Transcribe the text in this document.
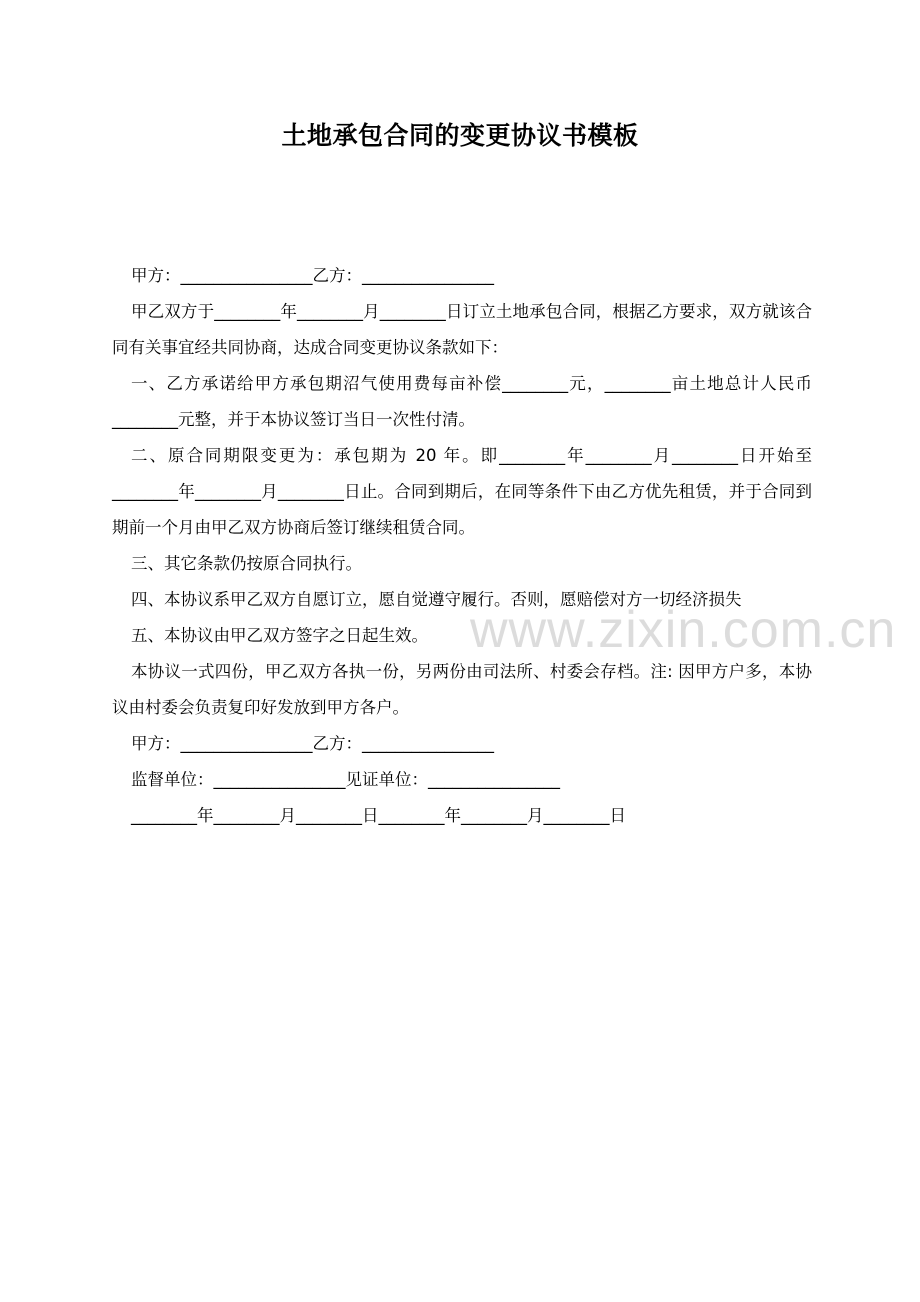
土地承包合同的变更协议书模板

甲方：________________乙方：________________

甲乙双方于________年________月________日订立土地承包合同，根据乙方要求，双方就该合同有关事宜经共同协商，达成合同变更协议条款如下：

一、乙方承诺给甲方承包期沼气使用费每亩补偿________元，________亩土地总计人民币________元整，并于本协议签订当日一次性付清。

二、原合同期限变更为：承包期为 20 年。即________年________月________日开始至________年________月________日止。合同到期后，在同等条件下由乙方优先租赁，并于合同到期前一个月由甲乙双方协商后签订继续租赁合同。

三、其它条款仍按原合同执行。

四、本协议系甲乙双方自愿订立，愿自觉遵守履行。否则，愿赔偿对方一切经济损失

五、本协议由甲乙双方签字之日起生效。

本协议一式四份，甲乙双方各执一份，另两份由司法所、村委会存档。注: 因甲方户多，本协议由村委会负责复印好发放到甲方各户。

甲方：________________乙方：________________

监督单位：________________见证单位：________________

________年________月________日________年________月________日

www.zixin.com.cn
